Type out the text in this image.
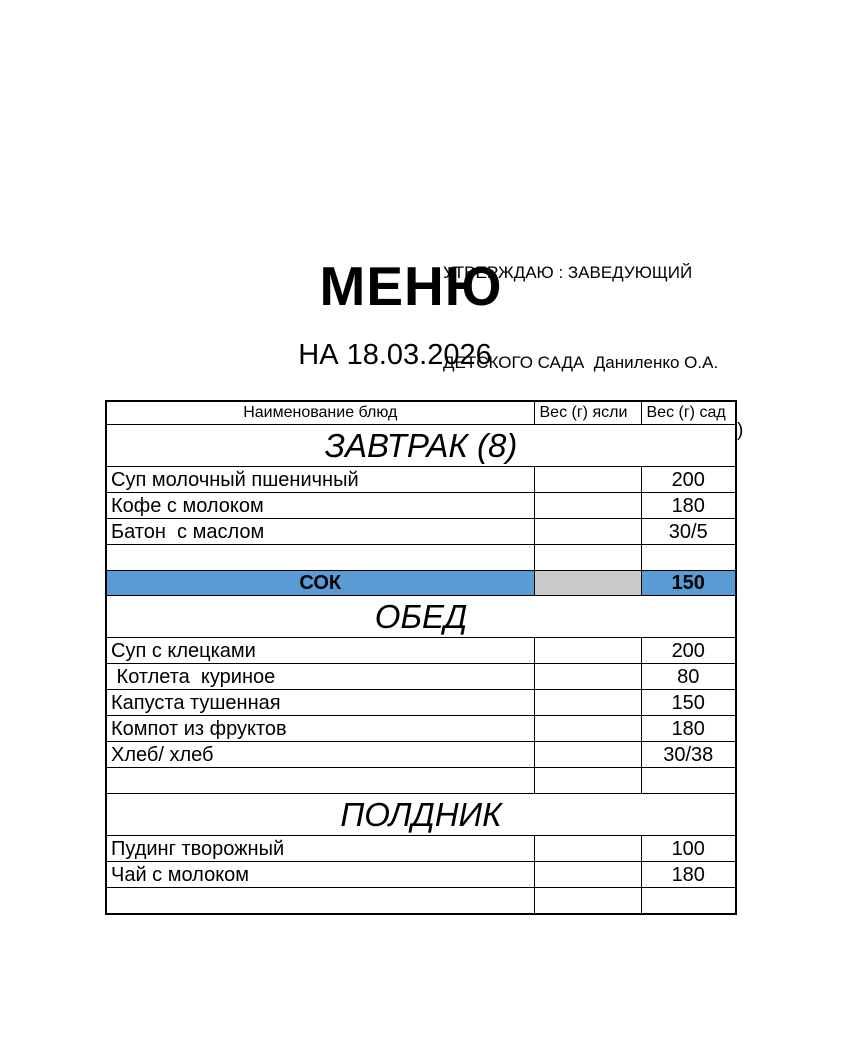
УТВЕРЖДАЮ : ЗАВЕДУЮЩИЙ

ДЕТСКОГО САДА  Даниленко О.А.

МЕНЮ
НА 18.03.2026
Наименование блюд	Вес (г) ясли	Вес (г) сад
ЗАВТРАК (8)		
Суп молочный пшеничный		200
Кофе с молоком		180
Батон  с маслом		30/5

СОК		150
ОБЕД		
Суп с клецками		200
Котлета  куриное		80
Капуста тушенная		150
Компот из фруктов		180
Хлеб/ хлеб		30/38

ПОЛДНИК		
Пудинг творожный		100
Чай с молоком		180

)
